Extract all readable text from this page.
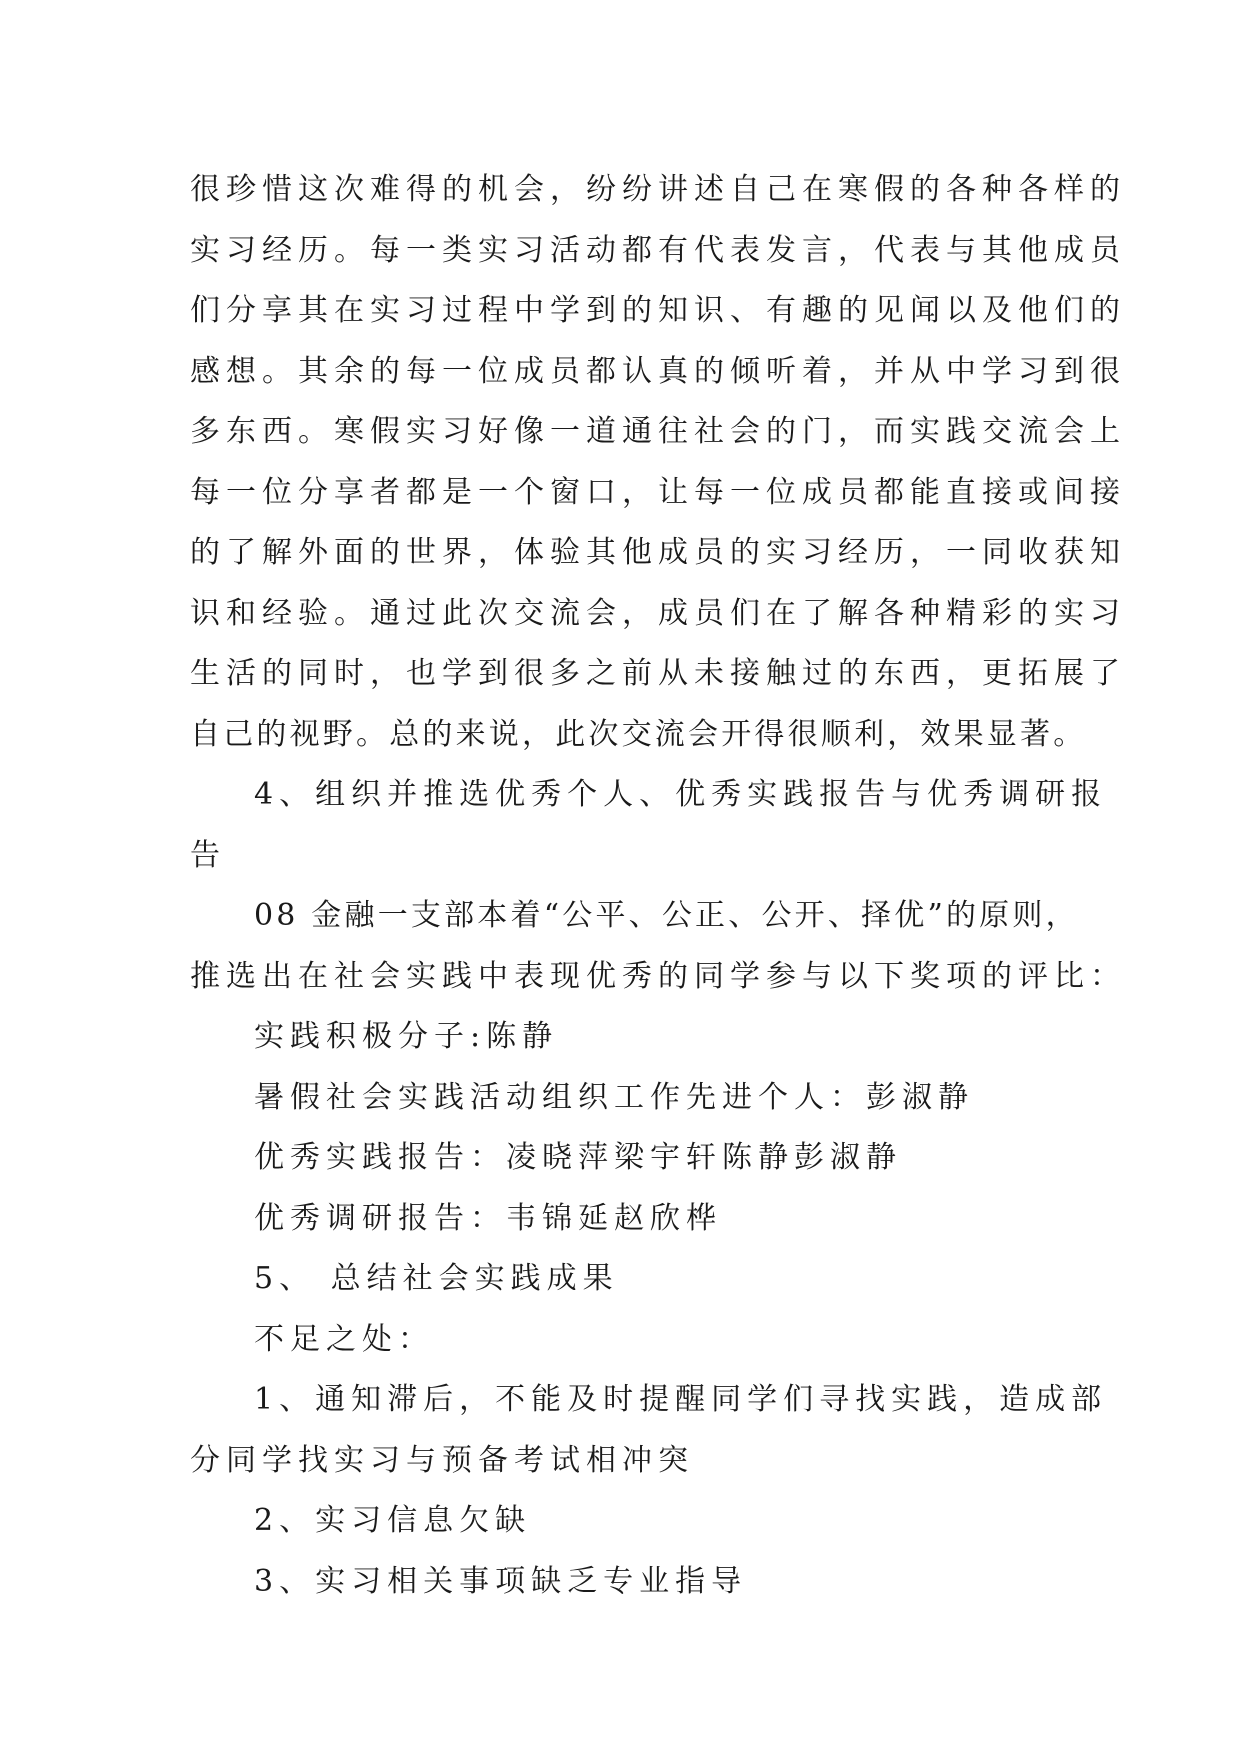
很珍惜这次难得的机会，纷纷讲述自己在寒假的各种各样的
实习经历。每一类实习活动都有代表发言，代表与其他成员
们分享其在实习过程中学到的知识、有趣的见闻以及他们的
感想。其余的每一位成员都认真的倾听着，并从中学习到很
多东西。寒假实习好像一道通往社会的门，而实践交流会上
每一位分享者都是一个窗口，让每一位成员都能直接或间接
的了解外面的世界，体验其他成员的实习经历，一同收获知
识和经验。通过此次交流会，成员们在了解各种精彩的实习
生活的同时，也学到很多之前从未接触过的东西，更拓展了
自己的视野。总的来说，此次交流会开得很顺利，效果显著。
4、组织并推选优秀个人、优秀实践报告与优秀调研报
告
08 金融一支部本着“公平、公正、公开、择优”的原则，
推选出在社会实践中表现优秀的同学参与以下奖项的评比：
实践积极分子:陈静
暑假社会实践活动组织工作先进个人：彭淑静
优秀实践报告：凌晓萍梁宇轩陈静彭淑静
优秀调研报告：韦锦延赵欣桦
5、 总结社会实践成果
不足之处：
1、通知滞后，不能及时提醒同学们寻找实践，造成部
分同学找实习与预备考试相冲突
2、实习信息欠缺
3、实习相关事项缺乏专业指导
